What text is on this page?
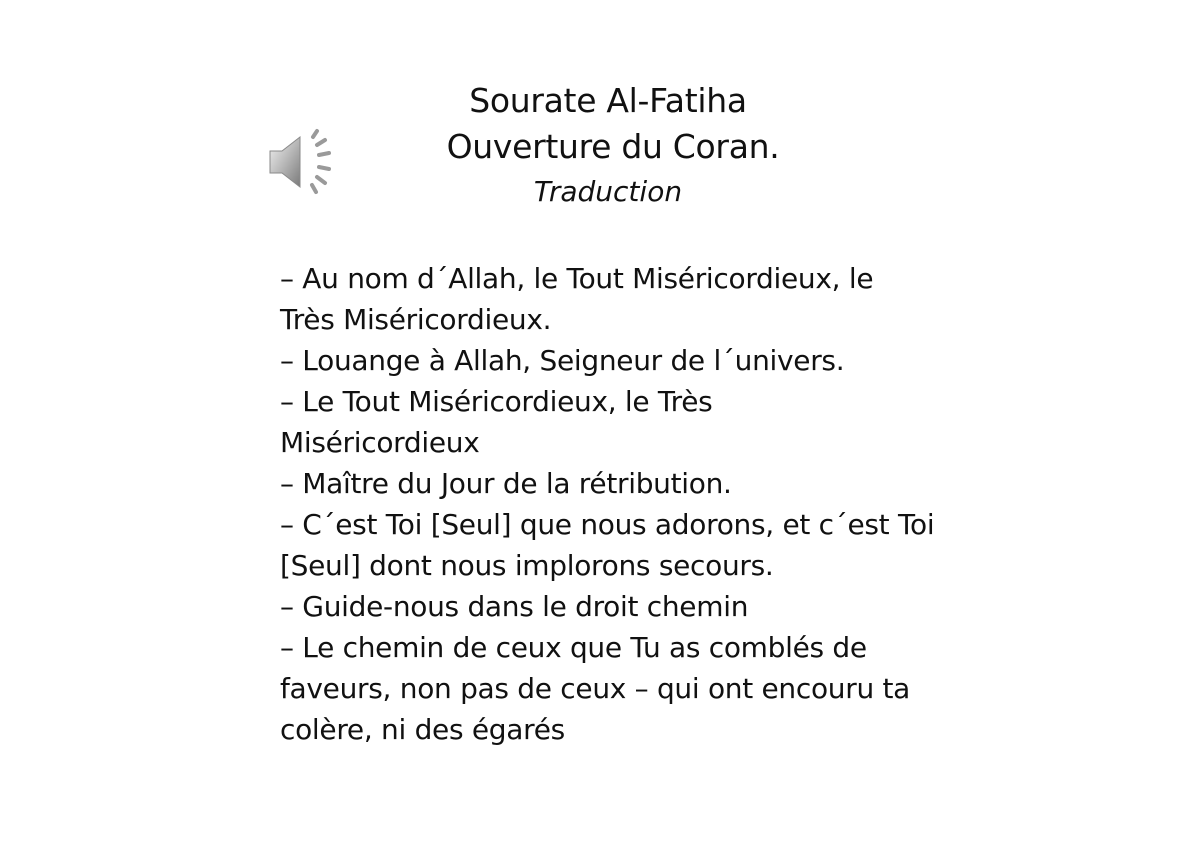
Sourate Al-Fatiha
Ouverture du Coran.
Traduction
– Au nom d´Allah, le Tout Miséricordieux, le
Très Miséricordieux.
– Louange à Allah, Seigneur de l´univers.
– Le Tout Miséricordieux, le Très
Miséricordieux
– Maître du Jour de la rétribution.
– C´est Toi [Seul] que nous adorons, et c´est Toi
[Seul] dont nous implorons secours.
– Guide-nous dans le droit chemin
– Le chemin de ceux que Tu as comblés de
faveurs, non pas de ceux – qui ont encouru ta
colère, ni des égarés
